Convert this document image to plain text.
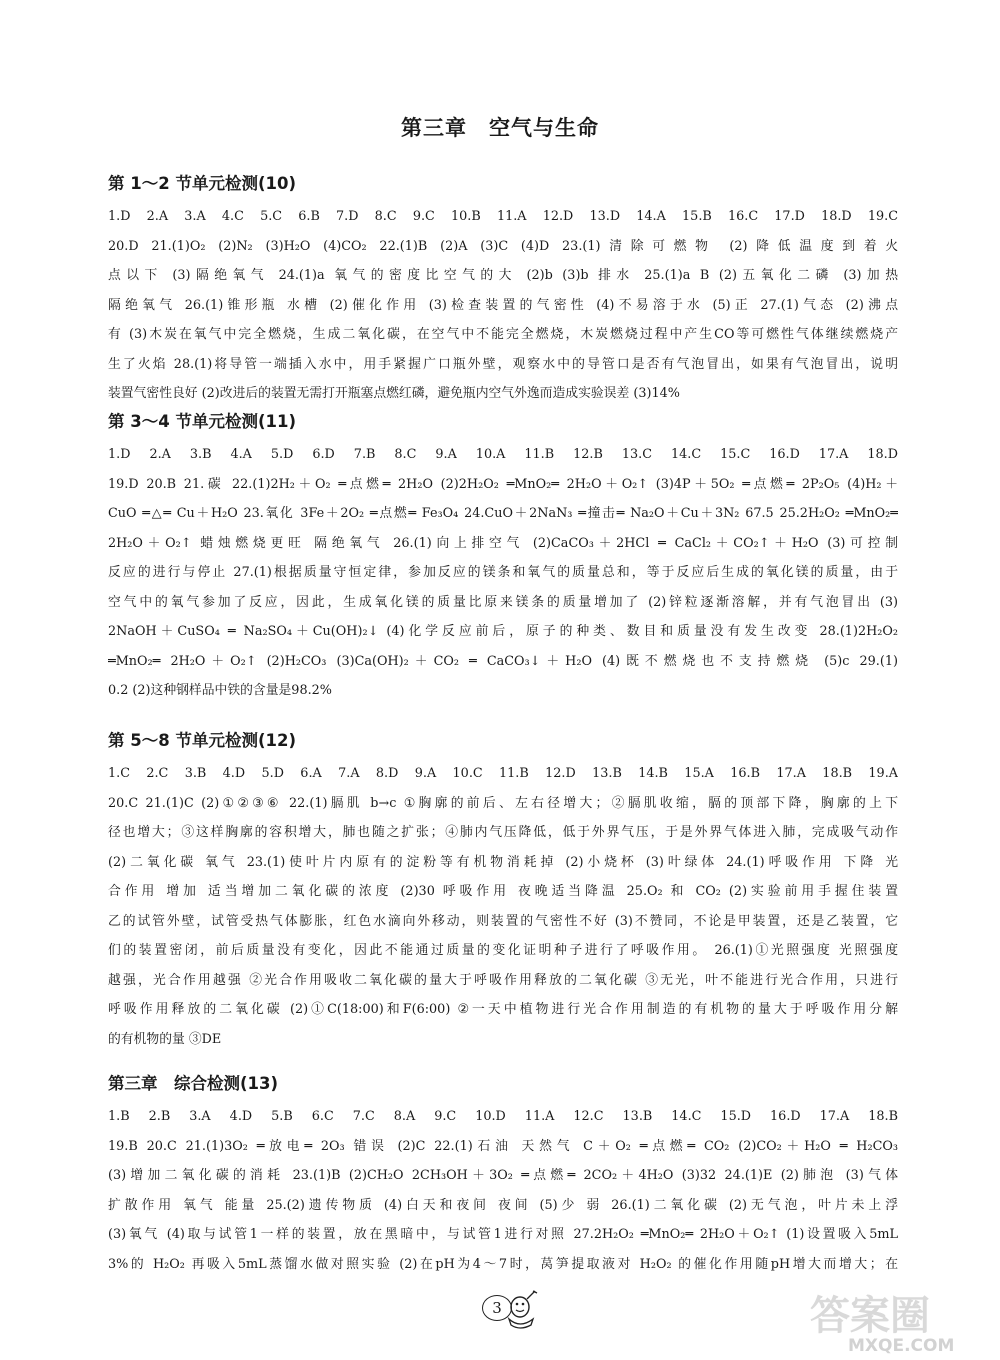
第三章　空气与生命
第 1～2 节单元检测(10)
1.D 2.A 3.A 4.C 5.C 6.B 7.D 8.C 9.C 10.B 11.A 12.D 13.D 14.A 15.B 16.C 17.D 18.D 19.C
20.D 21.(1)O₂ (2)N₂ (3)H₂O (4)CO₂ 22.(1)B (2)A (3)C (4)D 23.(1)清除可燃物 (2)降低温度到着火
点以下 (3)隔绝氧气 24.(1)a 氧气的密度比空气的大 (2)b (3)b 排水 25.(1)a B (2)五氧化二磷 (3)加热
隔绝氧气 26.(1)锥形瓶 水槽 (2)催化作用 (3)检查装置的气密性 (4)不易溶于水 (5)正 27.(1)气态 (2)沸点
有 (3)木炭在氧气中完全燃烧，生成二氧化碳，在空气中不能完全燃烧，木炭燃烧过程中产生CO等可燃性气体继续燃烧产
生了火焰 28.(1)将导管一端插入水中，用手紧握广口瓶外壁，观察水中的导管口是否有气泡冒出，如果有气泡冒出，说明
装置气密性良好 (2)改进后的装置无需打开瓶塞点燃红磷，避免瓶内空气外逸而造成实验误差 (3)14%
第 3～4 节单元检测(11)
1.D 2.A 3.B 4.A 5.D 6.D 7.B 8.C 9.A 10.A 11.B 12.B 13.C 14.C 15.C 16.D 17.A 18.D
19.D 20.B 21.碳 22.(1)2H₂＋O₂ ═点燃═ 2H₂O (2)2H₂O₂ ═MnO₂═ 2H₂O＋O₂↑ (3)4P＋5O₂ ═点燃═ 2P₂O₅ (4)H₂＋
CuO ═△═ Cu＋H₂O 23.氧化 3Fe＋2O₂ ═点燃═ Fe₃O₄ 24.CuO＋2NaN₃ ═撞击═ Na₂O＋Cu＋3N₂ 67.5 25.2H₂O₂ ═MnO₂═
2H₂O＋O₂↑ 蜡烛燃烧更旺 隔绝氧气 26.(1)向上排空气 (2)CaCO₃＋2HCl ═ CaCl₂＋CO₂↑＋H₂O (3)可控制
反应的进行与停止 27.(1)根据质量守恒定律，参加反应的镁条和氧气的质量总和，等于反应后生成的氧化镁的质量，由于
空气中的氧气参加了反应，因此，生成氧化镁的质量比原来镁条的质量增加了 (2)锌粒逐渐溶解，并有气泡冒出 (3)
2NaOH＋CuSO₄ ═ Na₂SO₄＋Cu(OH)₂↓ (4)化学反应前后，原子的种类、数目和质量没有发生改变 28.(1)2H₂O₂
═MnO₂═ 2H₂O＋O₂↑ (2)H₂CO₃ (3)Ca(OH)₂＋CO₂ ═ CaCO₃↓＋H₂O (4)既不燃烧也不支持燃烧 (5)c 29.(1)
0.2 (2)这种钢样品中铁的含量是98.2%
第 5～8 节单元检测(12)
1.C 2.C 3.B 4.D 5.D 6.A 7.A 8.D 9.A 10.C 11.B 12.D 13.B 14.B 15.A 16.B 17.A 18.B 19.A
20.C 21.(1)C (2)①②③⑥ 22.(1)膈肌 b→c ①胸廓的前后、左右径增大；②膈肌收缩，膈的顶部下降，胸廓的上下
径也增大；③这样胸廓的容积增大，肺也随之扩张；④肺内气压降低，低于外界气压，于是外界气体进入肺，完成吸气动作
(2)二氧化碳 氧气 23.(1)使叶片内原有的淀粉等有机物消耗掉 (2)小烧杯 (3)叶绿体 24.(1)呼吸作用 下降 光
合作用 增加 适当增加二氧化碳的浓度 (2)30 呼吸作用 夜晚适当降温 25.O₂ 和 CO₂ (2)实验前用手握住装置
乙的试管外壁，试管受热气体膨胀，红色水滴向外移动，则装置的气密性不好 (3)不赞同，不论是甲装置，还是乙装置，它
们的装置密闭，前后质量没有变化，因此不能通过质量的变化证明种子进行了呼吸作用。 26.(1)①光照强度 光照强度
越强，光合作用越强 ②光合作用吸收二氧化碳的量大于呼吸作用释放的二氧化碳 ③无光，叶不能进行光合作用，只进行
呼吸作用释放的二氧化碳 (2)①C(18:00)和F(6:00) ②一天中植物进行光合作用制造的有机物的量大于呼吸作用分解
的有机物的量 ③DE
第三章　综合检测(13)
1.B 2.B 3.A 4.D 5.B 6.C 7.C 8.A 9.C 10.D 11.A 12.C 13.B 14.C 15.D 16.D 17.A 18.B
19.B 20.C 21.(1)3O₂ ═放电═ 2O₃ 错误 (2)C 22.(1)石油 天然气 C＋O₂ ═点燃═ CO₂ (2)CO₂＋H₂O ═ H₂CO₃
(3)增加二氧化碳的消耗 23.(1)B (2)CH₂O 2CH₃OH＋3O₂ ═点燃═ 2CO₂＋4H₂O (3)32 24.(1)E (2)肺泡 (3)气体
扩散作用 氧气 能量 25.(2)遗传物质 (4)白天和夜间 夜间 (5)少 弱 26.(1)二氧化碳 (2)无气泡，叶片未上浮
(3)氧气 (4)取与试管1一样的装置，放在黑暗中，与试管1进行对照 27.2H₂O₂ ═MnO₂═ 2H₂O＋O₂↑ (1)设置吸入5mL
3%的 H₂O₂ 再吸入5mL蒸馏水做对照实验 (2)在pH为4～7时，莴笋提取液对 H₂O₂ 的催化作用随pH增大而增大；在
3	答案圈
MXQE.COM
